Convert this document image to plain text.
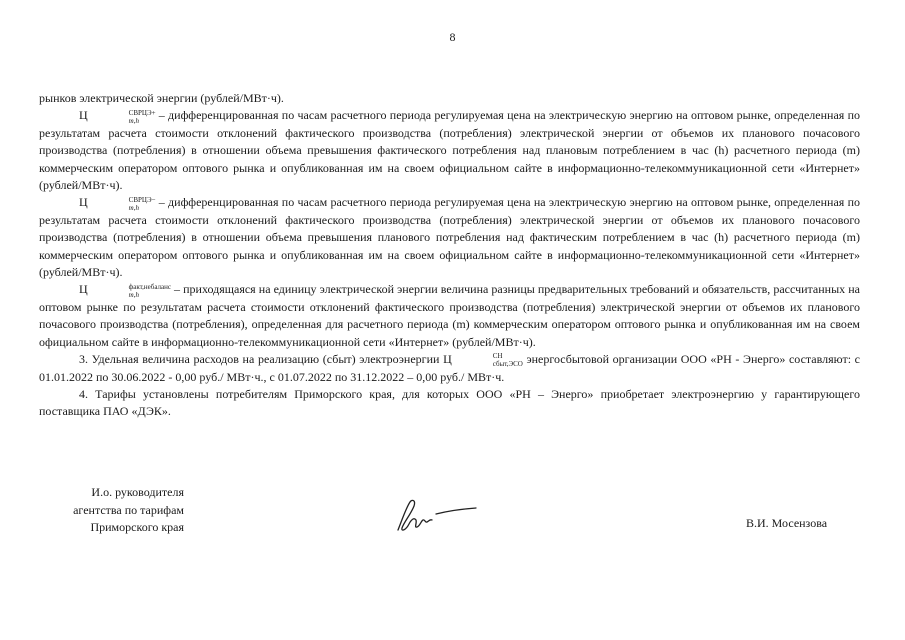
8

рынков электрической энергии (рублей/МВт·ч).

Ц	СВРЦЭ+
m,h	– дифференцированная по часам расчетного периода регулируемая цена на электрическую энергию на оптовом рынке, определенная по результатам расчета стоимости отклонений фактического производства (потребления) электрической энергии от объемов их планового почасового производства (потребления) в отношении объема превышения фактического потребления над плановым потреблением в час (h) расчетного периода (m) коммерческим оператором оптового рынка и опубликованная им на своем официальном сайте в информационно-телекоммуникационной сети «Интернет» (рублей/МВт·ч).

Ц	СВРЦЭ−
m,h	– дифференцированная по часам расчетного периода регулируемая цена на электрическую энергию на оптовом рынке, определенная по результатам расчета стоимости отклонений фактического производства (потребления) электрической энергии от объемов их планового почасового производства (потребления) в отношении объема превышения планового потребления над фактическим потреблением в час (h) расчетного периода (m) коммерческим оператором оптового рынка и опубликованная им на своем официальном сайте в информационно-телекоммуникационной сети «Интернет» (рублей/МВт·ч).

Ц	факт,небаланс
m,h	– приходящаяся на единицу электрической энергии величина разницы предварительных требований и обязательств, рассчитанных на оптовом рынке по результатам расчета стоимости отклонений фактического производства (потребления) электрической энергии от объемов их планового почасового производства (потребления), определенная для расчетного периода (m) коммерческим оператором оптового рынка и опубликованная им на своем официальном сайте в информационно-телекоммуникационной сети «Интернет» (рублей/МВт·ч).

3. Удельная величина расходов на реализацию (сбыт) электроэнергии Ц	СН
сбыт,ЭСО энергосбытовой организации ООО «РН - Энерго» составляют: с 01.01.2022 по 30.06.2022 - 0,00 руб./ МВт·ч., с 01.07.2022 по 31.12.2022 – 0,00 руб./ МВт·ч.

4. Тарифы установлены потребителям Приморского края, для которых ООО «РН – Энерго» приобретает электроэнергию у гарантирующего поставщика ПАО «ДЭК».

И.о. руководителя
агентства по тарифам
Приморского края	В.И. Мосензова
